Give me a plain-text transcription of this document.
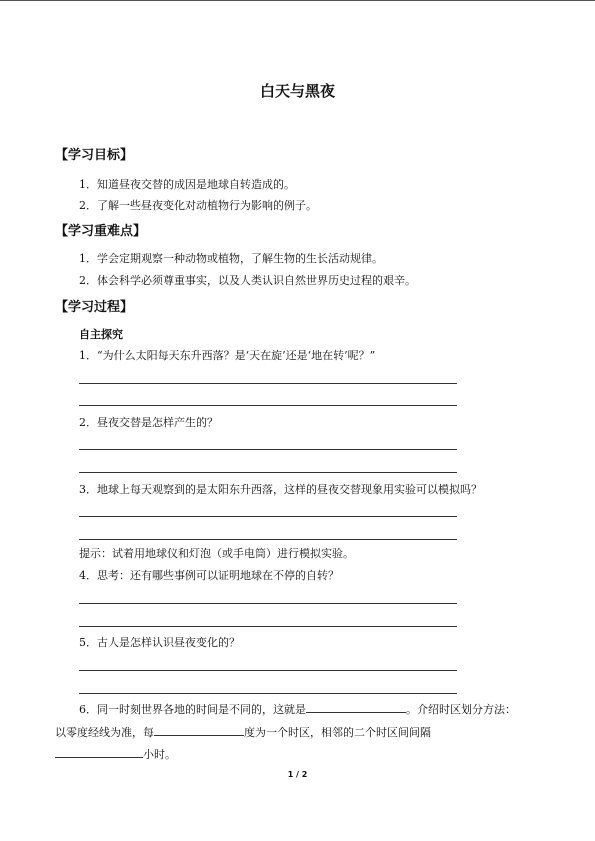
白天与黑夜
【学习目标】
1．知道昼夜交替的成因是地球自转造成的。
2．了解一些昼夜变化对动植物行为影响的例子。
【学习重难点】
1．学会定期观察一种动物或植物，了解生物的生长活动规律。
2．体会科学必须尊重事实，以及人类认识自然世界历史过程的艰辛。
【学习过程】
自主探究
1．“为什么太阳每天东升西落？是‘天在旋’还是‘地在转’呢？”
2．昼夜交替是怎样产生的？
3．地球上每天观察到的是太阳东升西落，这样的昼夜交替现象用实验可以模拟吗？
提示：试着用地球仪和灯泡（或手电筒）进行模拟实验。
4．思考：还有哪些事例可以证明地球在不停的自转？
5．古人是怎样认识昼夜变化的？
6．同一时刻世界各地的时间是不同的，这就是	。介绍时区划分方法：
以零度经线为准，每	度为一个时区，相邻的二个时区间间隔
小时。
1 / 2
